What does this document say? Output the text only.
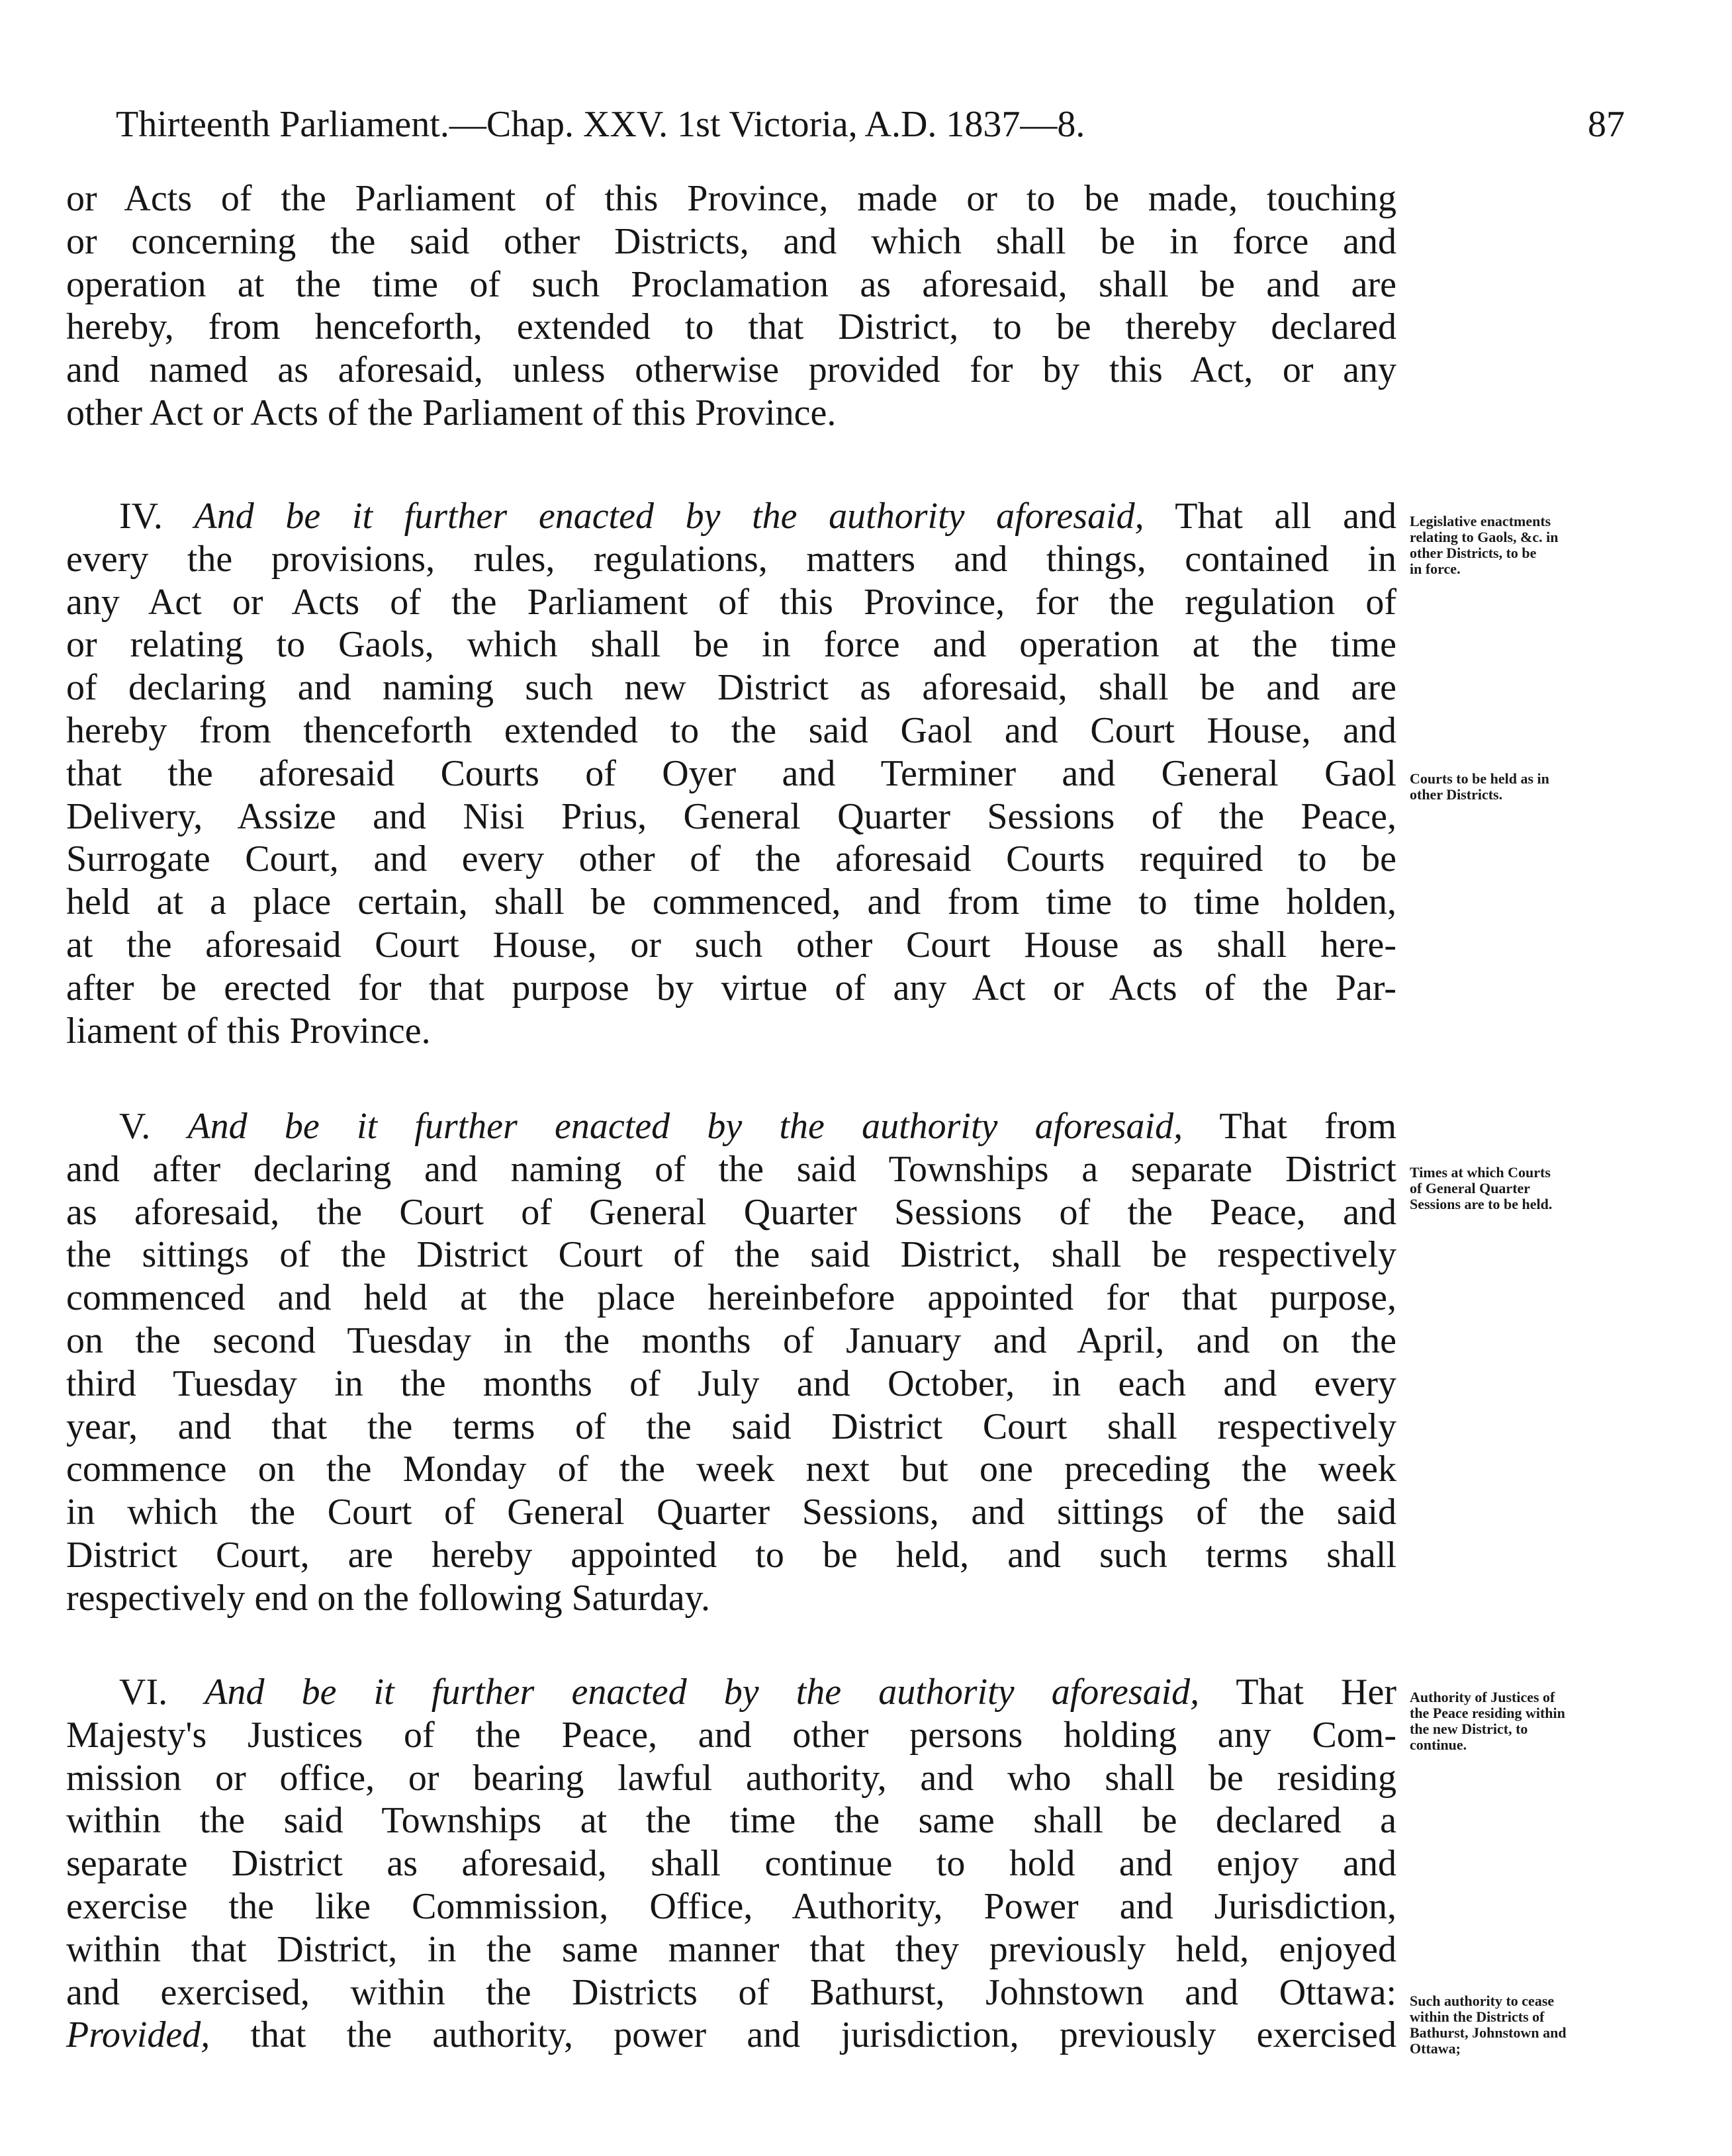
Thirteenth Parliament.—Chap. XXV. 1st Victoria, A.D. 1837—8.	87
or Acts of the Parliament of this Province, made or to be made, touching
or concerning the said other Districts, and which shall be in force and
operation at the time of such Proclamation as aforesaid, shall be and are
hereby, from henceforth, extended to that District, to be thereby declared
and named as aforesaid, unless otherwise provided for by this Act, or any
other Act or Acts of the Parliament of this Province.
IV. And be it further enacted by the authority aforesaid, That all and
every the provisions, rules, regulations, matters and things, contained in
any Act or Acts of the Parliament of this Province, for the regulation of
or relating to Gaols, which shall be in force and operation at the time
of declaring and naming such new District as aforesaid, shall be and are
hereby from thenceforth extended to the said Gaol and Court House, and
that the aforesaid Courts of Oyer and Terminer and General Gaol
Delivery, Assize and Nisi Prius, General Quarter Sessions of the Peace,
Surrogate Court, and every other of the aforesaid Courts required to be
held at a place certain, shall be commenced, and from time to time holden,
at the aforesaid Court House, or such other Court House as shall here-
after be erected for that purpose by virtue of any Act or Acts of the Par-
liament of this Province.
V. And be it further enacted by the authority aforesaid, That from
and after declaring and naming of the said Townships a separate District
as aforesaid, the Court of General Quarter Sessions of the Peace, and
the sittings of the District Court of the said District, shall be respectively
commenced and held at the place hereinbefore appointed for that purpose,
on the second Tuesday in the months of January and April, and on the
third Tuesday in the months of July and October, in each and every
year, and that the terms of the said District Court shall respectively
commence on the Monday of the week next but one preceding the week
in which the Court of General Quarter Sessions, and sittings of the said
District Court, are hereby appointed to be held, and such terms shall
respectively end on the following Saturday.
VI. And be it further enacted by the authority aforesaid, That Her
Majesty's Justices of the Peace, and other persons holding any Com-
mission or office, or bearing lawful authority, and who shall be residing
within the said Townships at the time the same shall be declared a
separate District as aforesaid, shall continue to hold and enjoy and
exercise the like Commission, Office, Authority, Power and Jurisdiction,
within that District, in the same manner that they previously held, enjoyed
and exercised, within the Districts of Bathurst, Johnstown and Ottawa:
Provided, that the authority, power and jurisdiction, previously exercised
Legislative enactments
relating to Gaols, &c. in
other Districts, to be
in force.
Courts to be held as in
other Districts.
Times at which Courts
of General Quarter
Sessions are to be held.
Authority of Justices of
the Peace residing within
the new District, to
continue.
Such authority to cease
within the Districts of
Bathurst, Johnstown and
Ottawa;
